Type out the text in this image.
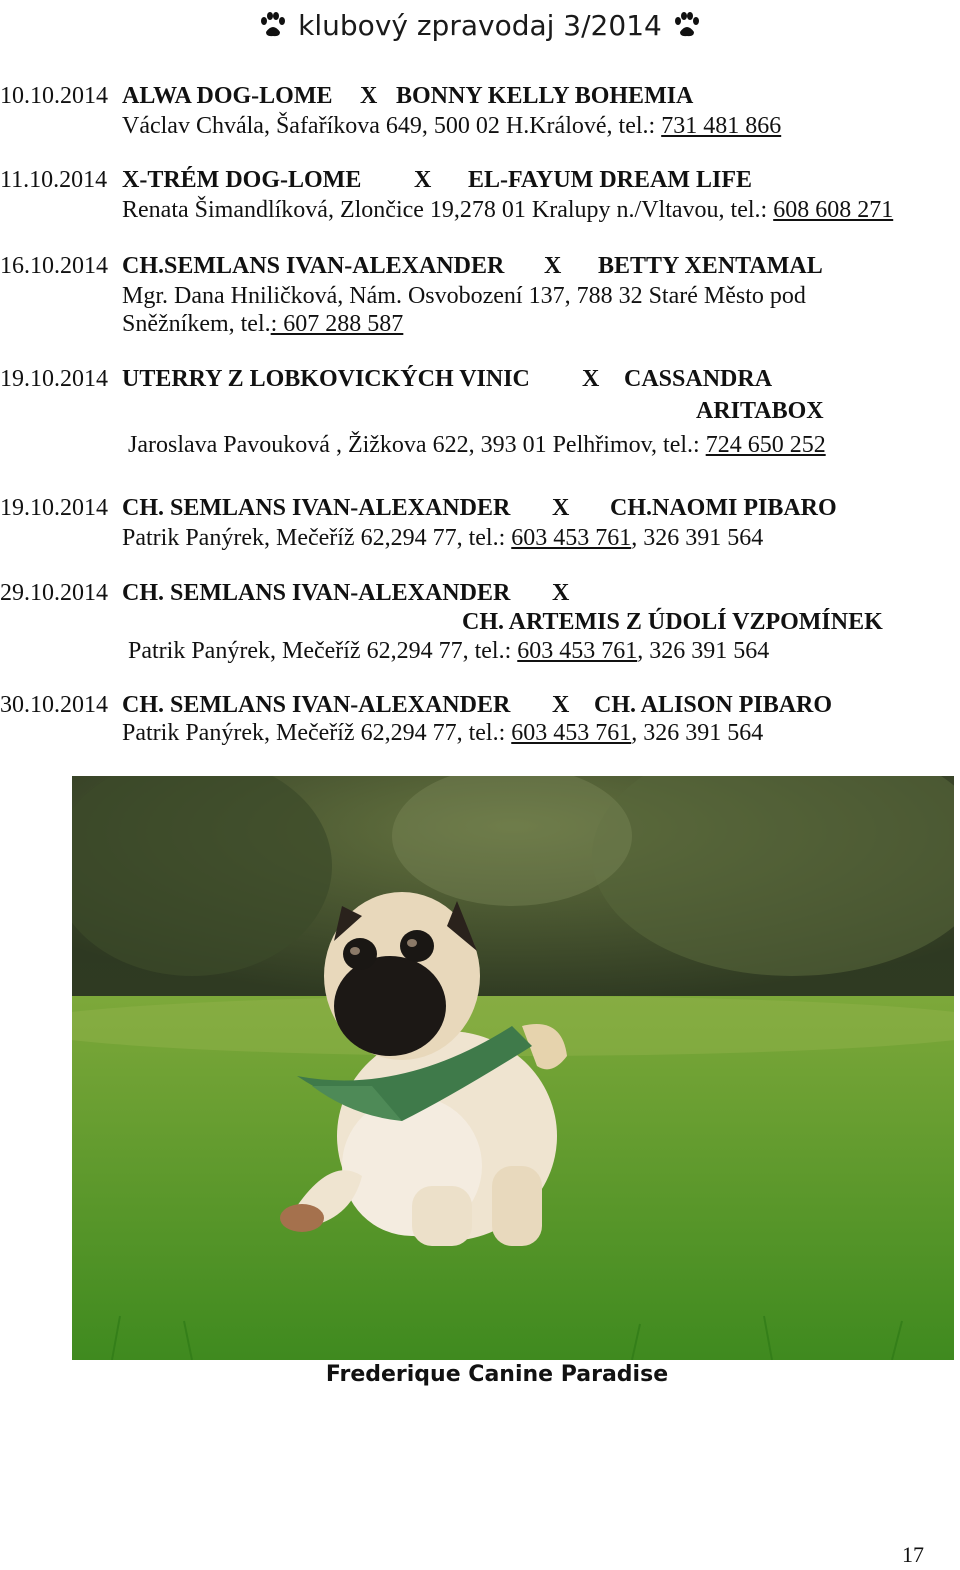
klubový zpravodaj 3/2014
10.10.2014 ALWA DOG-LOME X BONNY KELLY BOHEMIA
Václav Chvála, Šafaříkova 649, 500 02 H.Králové, tel.: 731 481 866
11.10.2014 X-TRÉM DOG-LOME X EL-FAYUM DREAM LIFE
Renata Šimandlíková, Zlončice 19,278 01 Kralupy n./Vltavou, tel.: 608 608 271
16.10.2014 CH.SEMLANS IVAN-ALEXANDER X BETTY XENTAMAL
Mgr. Dana Hniličková, Nám. Osvobození 137, 788 32 Staré Město pod
Sněžníkem, tel.: 607 288 587
19.10.2014 UTERRY Z LOBKOVICKÝCH VINIC X CASSANDRA
ARITABOX
Jaroslava Pavouková , Žižkova 622, 393 01 Pelhřimov, tel.: 724 650 252
19.10.2014 CH. SEMLANS IVAN-ALEXANDER X CH.NAOMI PIBARO
Patrik Panýrek, Mečeříž 62,294 77, tel.: 603 453 761, 326 391 564
29.10.2014 CH. SEMLANS IVAN-ALEXANDER X
CH. ARTEMIS Z ÚDOLÍ VZPOMÍNEK
Patrik Panýrek, Mečeříž 62,294 77, tel.: 603 453 761, 326 391 564
30.10.2014 CH. SEMLANS IVAN-ALEXANDER X CH. ALISON PIBARO
Patrik Panýrek, Mečeříž 62,294 77, tel.: 603 453 761, 326 391 564
Frederique Canine Paradise
17
